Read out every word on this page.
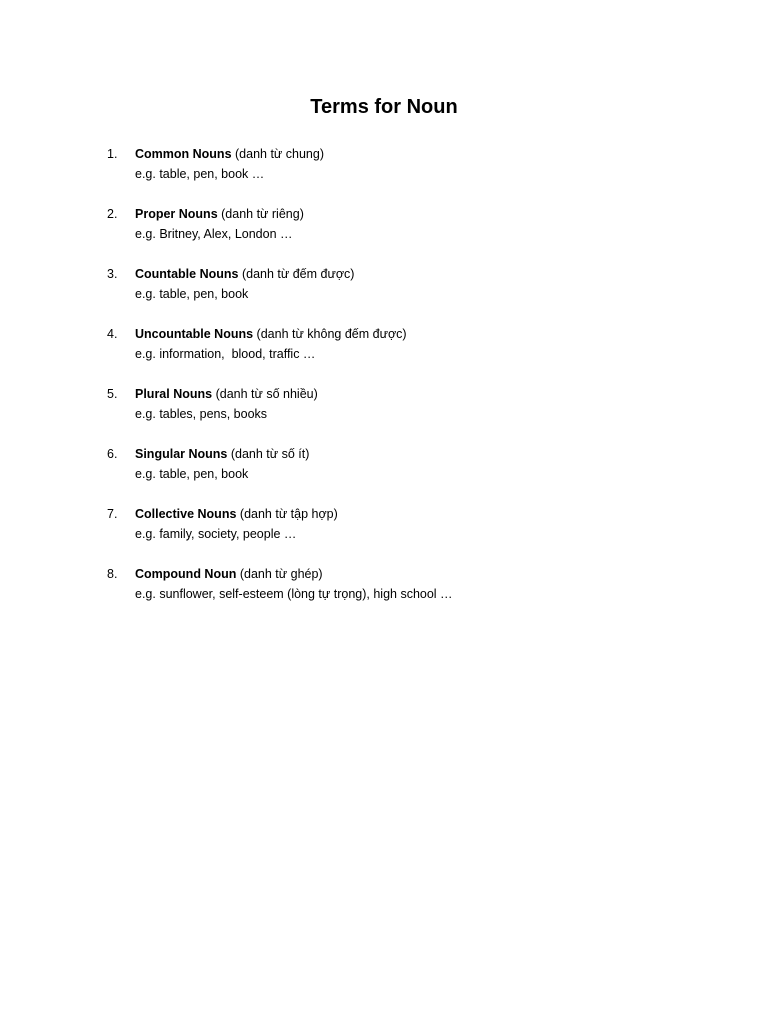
Terms for Noun
1. Common Nouns (danh từ chung)
e.g. table, pen, book …
2. Proper Nouns (danh từ riêng)
e.g. Britney, Alex, London …
3. Countable Nouns (danh từ đếm được)
e.g. table, pen, book
4. Uncountable Nouns (danh từ không đếm được)
e.g. information,  blood, traffic …
5. Plural Nouns (danh từ số nhiều)
e.g. tables, pens, books
6. Singular Nouns (danh từ số ít)
e.g. table, pen, book
7. Collective Nouns (danh từ tập hợp)
e.g. family, society, people …
8. Compound Noun (danh từ ghép)
e.g. sunflower, self-esteem (lòng tự trọng), high school …
